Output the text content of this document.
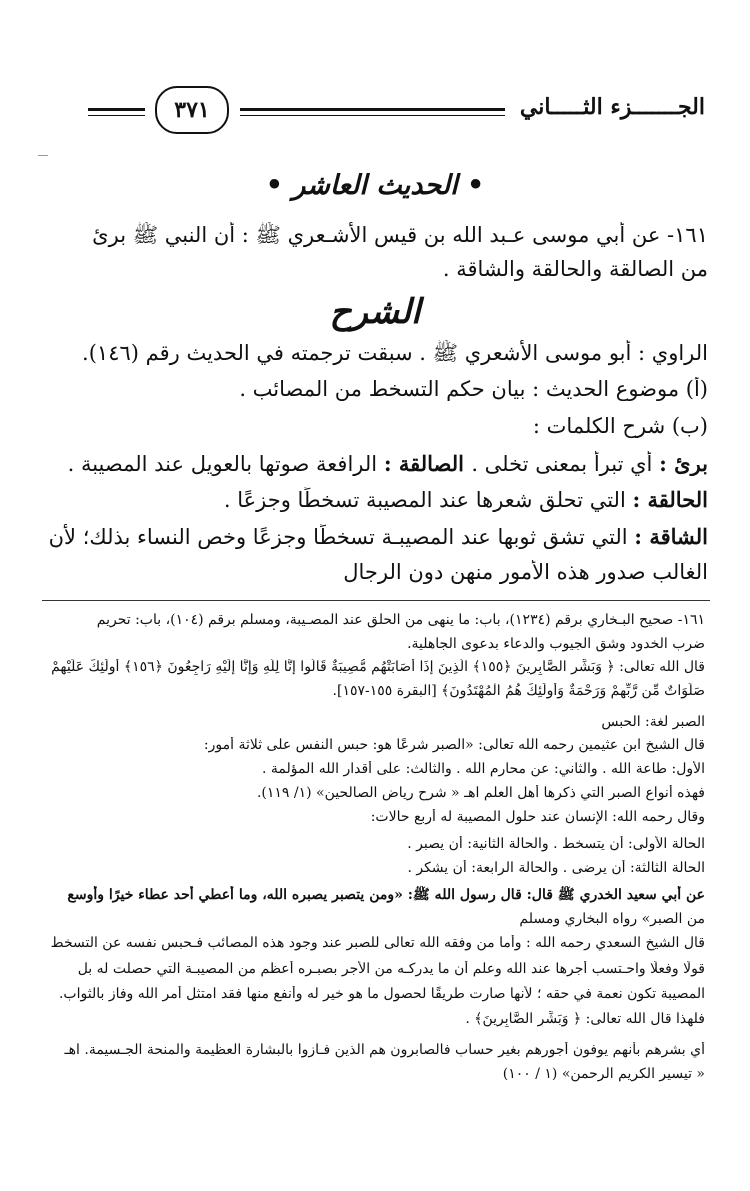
الجـــــــزء الثـــــاني
٣٧١
• الحديث العاشر •
١٦١- عن أبي موسى عـبد الله بن قيس الأشـعري ﷺ : أن النبي ﷺ برئ
من الصالقة والحالقة والشاقة .
الشرح
الراوي : أبو موسى الأشعري ﷺ . سبقت ترجمته في الحديث رقم (١٤٦).
(أ) موضوع الحديث : بيان حكم التسخط من المصائب .
(ب) شرح الكلمات :
برئ : أي تبرأ بمعنى تخلى . الصالقة : الرافعة صوتها بالعويل عند المصيبة .
الحالقة : التي تحلق شعرها عند المصيبة تسخطًا وجزعًا .
الشاقة : التي تشق ثوبها عند المصيبـة تسخطًا وجزعًا وخص النساء بذلك؛ لأن
الغالب صدور هذه الأمور منهن دون الرجال
١٦١- صحيح البـخاري برقم (١٢٣٤)، باب: ما ينهى من الحلق عند المصـيبة، ومسلم برقم (١٠٤)، باب: تحريم
ضرب الخدود وشق الجيوب والدعاء بدعوى الجاهلية.
قال الله تعالى: ﴿ وَبَشِّرِ الصَّابِرِينَ ﴿١٥٥﴾ الَّذِينَ إِذَا أَصَابَتْهُم مُّصِيبَةٌ قَالُوا إِنَّا لِلَّهِ وَإِنَّا إِلَيْهِ رَاجِعُونَ ﴿١٥٦﴾ أُولَٰئِكَ عَلَيْهِمْ
صَلَوَاتٌ مِّن رَّبِّهِمْ وَرَحْمَةٌ وَأُولَٰئِكَ هُمُ الْمُهْتَدُونَ﴾ [البقرة ١٥٥-١٥٧].
الصبر لغة: الحبس
قال الشيخ ابن عثيمين رحمه الله تعالى: «الصبر شرعًا هو: حبس النفس على ثلاثة أمور:
الأول: طاعة الله . والثاني: عن محارم الله . والثالث: على أقدار الله المؤلمة .
فهذه أنواع الصبر التي ذكرها أهل العلم اهـ « شرح رياض الصالحين» (١/ ١١٩).
وقال رحمه الله: الإنسان عند حلول المصيبة له أربع حالات:
الحالة الأولى: أن يتسخط . والحالة الثانية: أن يصبر .
الحالة الثالثة: أن يرضى . والحالة الرابعة: أن يشكر .
عن أبي سعيد الخدري ﷺ قال: قال رسول الله ﷺ: «ومن يتصبر يصبره الله، وما أعطي أحد عطاء خيرًا وأوسع
من الصبر» رواه البخاري ومسلم
قال الشيخ السعدي رحمه الله : وأما من وفقه الله تعالى للصبر عند وجود هذه المصائب فـحبس نفسه عن التسخط
قولًا وفعلًا واحـتسب أجرها عند الله وعلم أن ما يدركـه من الأجر بصبـره أعظم من المصيبـة التي حصلت له بل
المصيبة تكون نعمة في حقه ؛ لأنها صارت طريقًا لحصول ما هو خير له وأنفع منها فقد امتثل أمر الله وفاز بالثواب.
فلهذا قال الله تعالى: ﴿ وَبَشِّرِ الصَّابِرِينَ﴾ .
أي بشرهم بأنهم يوفون أجورهم بغير حساب فالصابرون هم الذين فـازوا بالبشارة العظيمة والمنحة الجـسيمة. اهـ
« تيسير الكريم الرحمن» (١ / ١٠٠)
